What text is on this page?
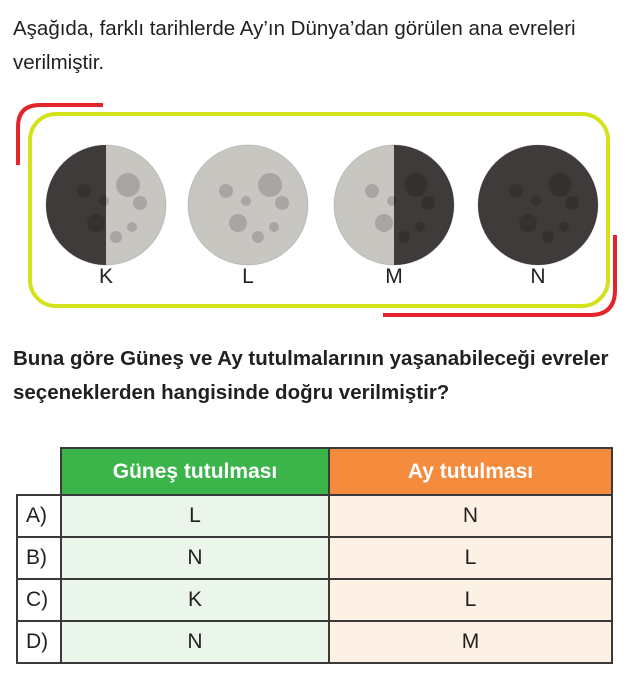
Aşağıda, farklı tarihlerde Ay’ın Dünya’dan görülen ana evreleri verilmiştir.

K	L	M	N

Buna göre Güneş ve Ay tutulmalarının yaşanabileceği evreler seçeneklerden hangisinde doğru verilmiştir?

	Güneş tutulması	Ay tutulması
A)	L	N
B)	N	L
C)	K	L
D)	N	M
